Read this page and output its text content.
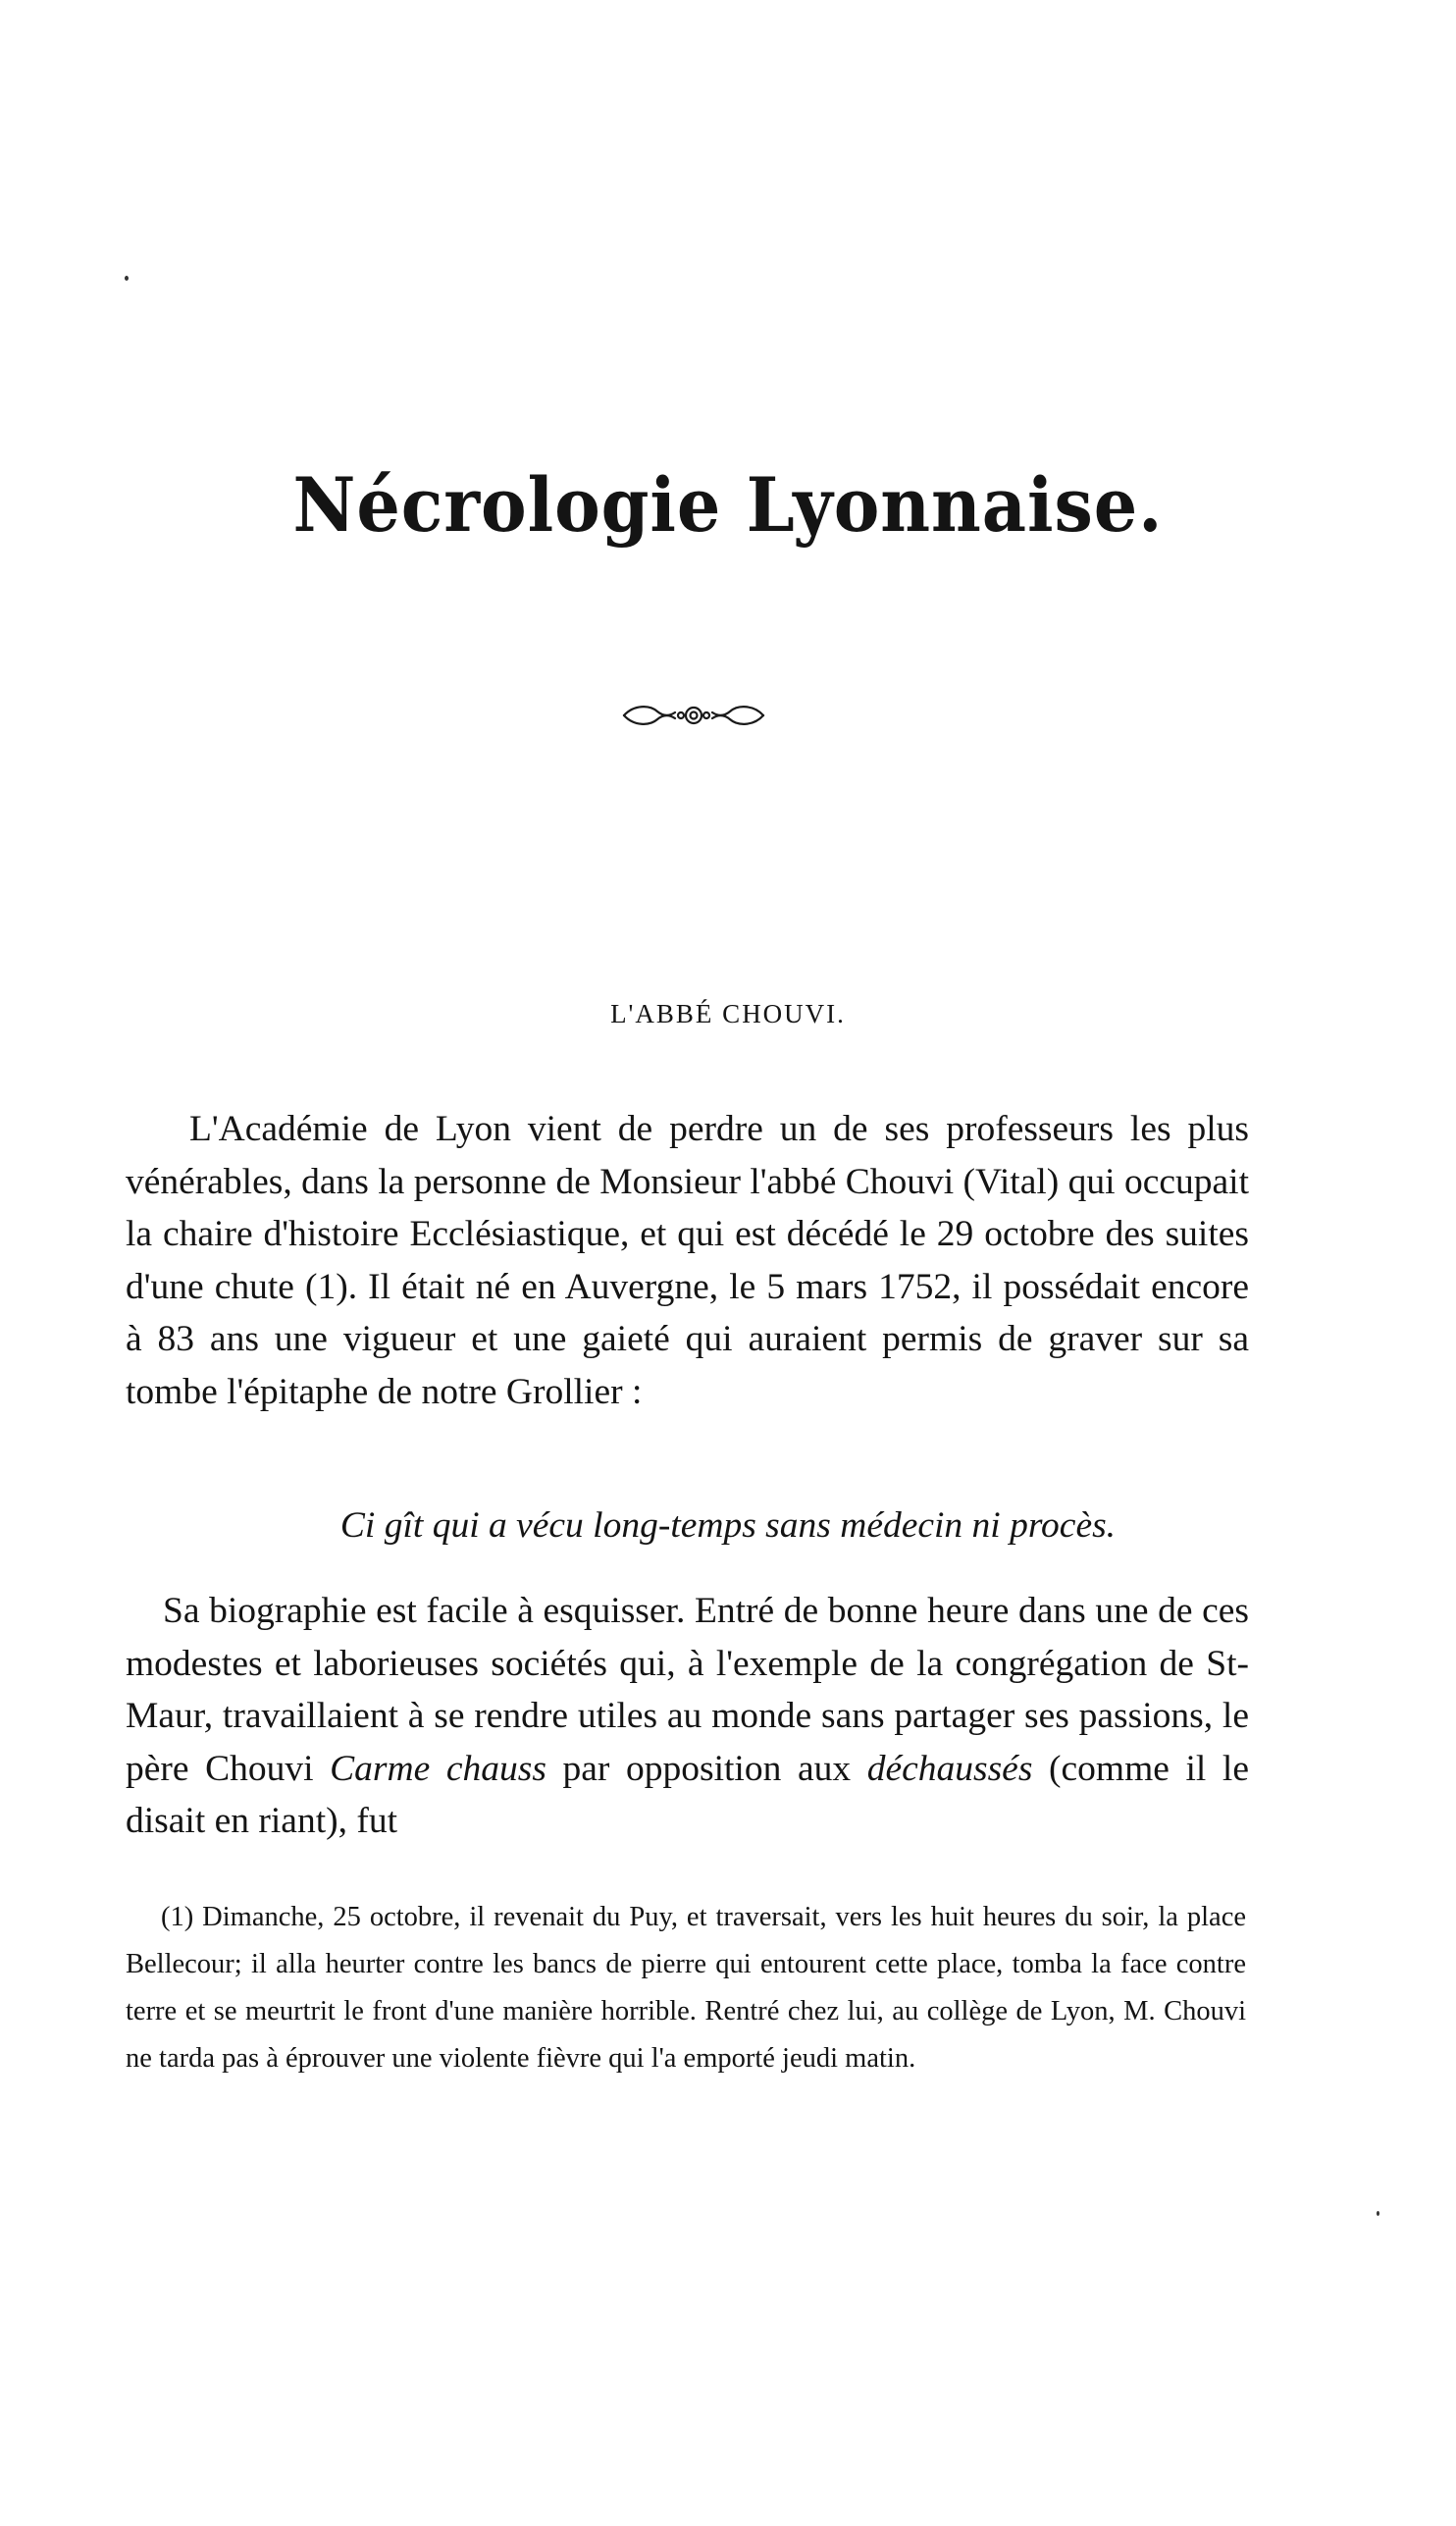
Nécrologie Lyonnaise.
L'ABBÉ CHOUVI.

L'Académie de Lyon vient de perdre un de ses professeurs les plus vénérables, dans la personne de Monsieur l'abbé Chouvi (Vital) qui occupait la chaire d'histoire Ecclésiastique, et qui est décédé le 29 octobre des suites d'une chute (1). Il était né en Auvergne, le 5 mars 1752, il possédait encore à 83 ans une vigueur et une gaieté qui auraient permis de graver sur sa tombe l'épitaphe de notre Grollier :

Ci gît qui a vécu long-temps sans médecin ni procès.

Sa biographie est facile à esquisser. Entré de bonne heure dans une de ces modestes et laborieuses sociétés qui, à l'exemple de la congrégation de St-Maur, travaillaient à se rendre utiles au monde sans partager ses passions, le père Chouvi Carme chauss par opposition aux déchaussés (comme il le disait en riant), fut

(1) Dimanche, 25 octobre, il revenait du Puy, et traversait, vers les huit heures du soir, la place Bellecour; il alla heurter contre les bancs de pierre qui entourent cette place, tomba la face contre terre et se meurtrit le front d'une manière horrible. Rentré chez lui, au collège de Lyon, M. Chouvi ne tarda pas à éprouver une violente fièvre qui l'a emporté jeudi matin.
